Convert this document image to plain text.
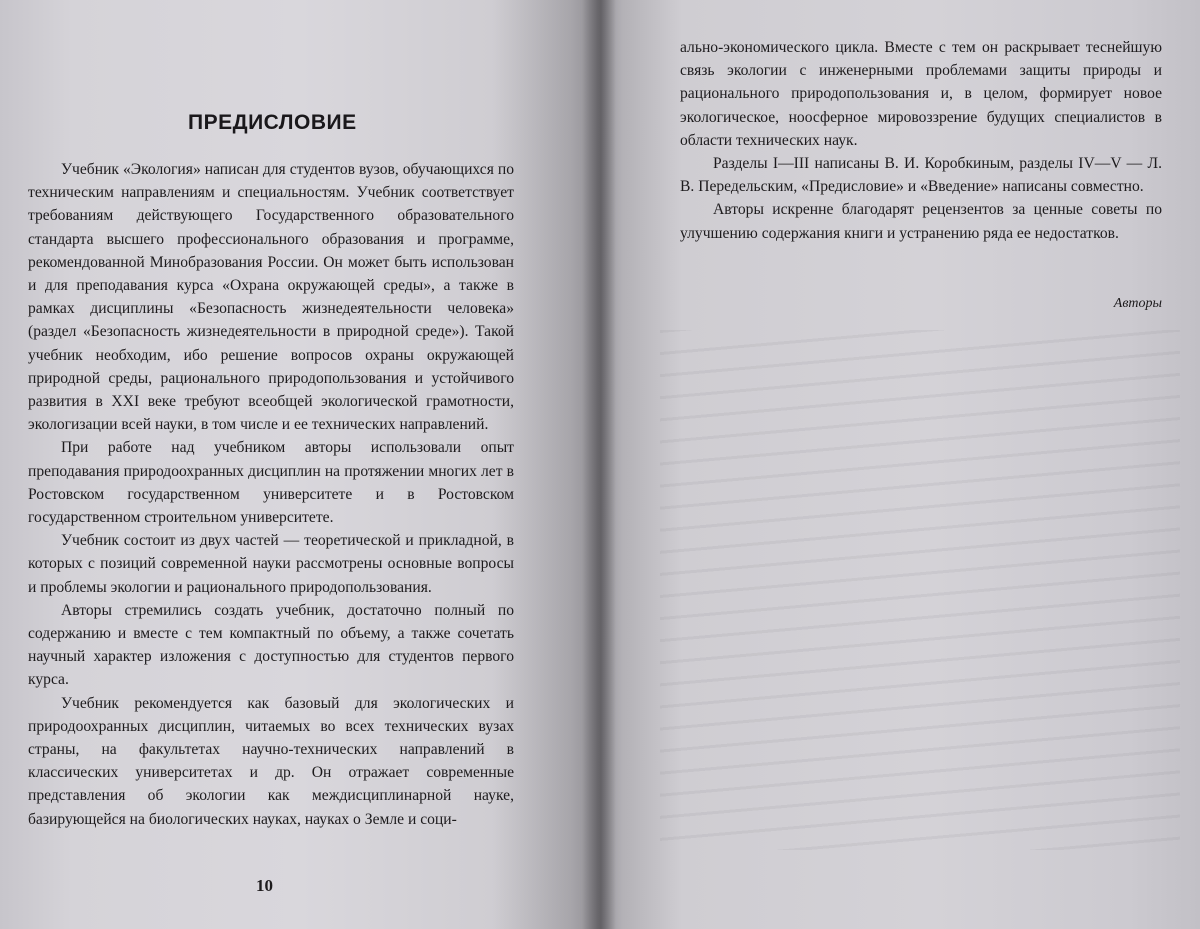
ПРЕДИСЛОВИЕ

Учебник «Экология» написан для студентов вузов, обучающихся по техническим направлениям и специальностям. Учебник соответствует требованиям действующего Государственного образовательного стандарта высшего профессионального образования и программе, рекомендованной Минобразования России. Он может быть использован и для преподавания курса «Охрана окружающей среды», а также в рамках дисциплины «Безопасность жизнедеятельности человека» (раздел «Безопасность жизнедеятельности в природной среде»). Такой учебник необходим, ибо решение вопросов охраны окружающей природной среды, рационального природопользования и устойчивого развития в XXI веке требуют всеобщей экологической грамотности, экологизации всей науки, в том числе и ее технических направлений.

При работе над учебником авторы использовали опыт преподавания природоохранных дисциплин на протяжении многих лет в Ростовском государственном университете и в Ростовском государственном строительном университете.

Учебник состоит из двух частей — теоретической и прикладной, в которых с позиций современной науки рассмотрены основные вопросы и проблемы экологии и рационального природопользования.

Авторы стремились создать учебник, достаточно полный по содержанию и вместе с тем компактный по объему, а также сочетать научный характер изложения с доступностью для студентов первого курса.

Учебник рекомендуется как базовый для экологических и природоохранных дисциплин, читаемых во всех технических вузах страны, на факультетах научно-технических направлений в классических университетах и др. Он отражает современные представления об экологии как междисциплинарной науке, базирующейся на биологических науках, науках о Земле и соци-

10

ально-экономического цикла. Вместе с тем он раскрывает теснейшую связь экологии с инженерными проблемами защиты природы и рационального природопользования и, в целом, формирует новое экологическое, ноосферное мировоззрение будущих специалистов в области технических наук.

Разделы I—III написаны В. И. Коробкиным, разделы IV—V — Л. В. Передельским, «Предисловие» и «Введение» написаны совместно.

Авторы искренне благодарят рецензентов за ценные советы по улучшению содержания книги и устранению ряда ее недостатков.

Авторы
